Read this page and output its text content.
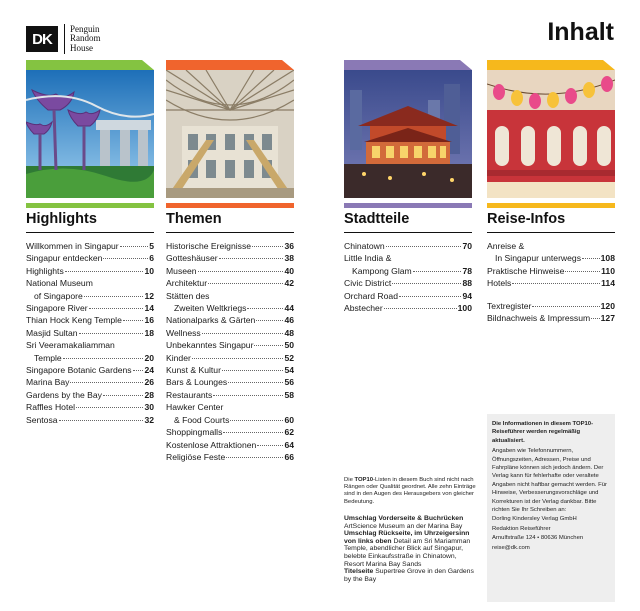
DK
Penguin
Random
House
Inhalt
Highlights
Willkommen in Singapur	5
Singapur entdecken	6
Highlights	10
National Museum
of Singapore	12
Singapore River	14
Thian Hock Keng Temple	16
Masjid Sultan	18
Sri Veeramakaliamman
Temple	20
Singapore Botanic Gardens 24
Marina Bay	26
Gardens by the Bay	28
Raffles Hotel	30
Sentosa	32
Themen
Historische Ereignisse	36
Gotteshäuser	38
Museen	40
Architektur	42
Stätten des
Zweiten Weltkriegs	44
Nationalparks & Gärten	46
Wellness	48
Unbekanntes Singapur	50
Kinder	52
Kunst & Kultur	54
Bars & Lounges	56
Restaurants	58
Hawker Center
& Food Courts	60
Shoppingmalls	62
Kostenlose Attraktionen	64
Religiöse Feste	66
Stadtteile
Chinatown	70
Little India &
Kampong Glam	78
Civic District	88
Orchard Road	94
Abstecher	100
Reise-Infos
Anreise &
In Singapur unterwegs 108
Praktische Hinweise	110
Hotels	114
Textregister	120
Bildnachweis & Impressum 127
Die TOP10-Listen in diesem Buch sind nicht nach Rängen oder Qualität geordnet. Alle zehn Einträge sind in den Augen des Herausgebers von gleicher Bedeutung.
Umschlag Vorderseite & Buchrücken ArtScience Museum an der Marina Bay
Umschlag Rückseite, im Uhrzeigersinn von links oben Detail am Sri Mariamman Temple, abendlicher Blick auf Singapur, belebte Einkaufsstraße in Chinatown, Resort Marina Bay Sands
Titelseite Supertree Grove in den Gardens by the Bay

Die Informationen in diesem TOP10-Reiseführer werden regelmäßig aktualisiert.

Angaben wie Telefonnummern, Öffnungszeiten, Adressen, Preise und Fahrpläne können sich jedoch ändern. Der Verlag kann für fehlerhafte oder veraltete Angaben nicht haftbar gemacht werden. Für Hinweise, Verbesserungsvorschläge und Korrekturen ist der Verlag dankbar. Bitte richten Sie Ihr Schreiben an:

Dorling Kindersley Verlag GmbH

Redaktion Reiseführer

Arnulfstraße 124 • 80636 München

reise@dk.com
